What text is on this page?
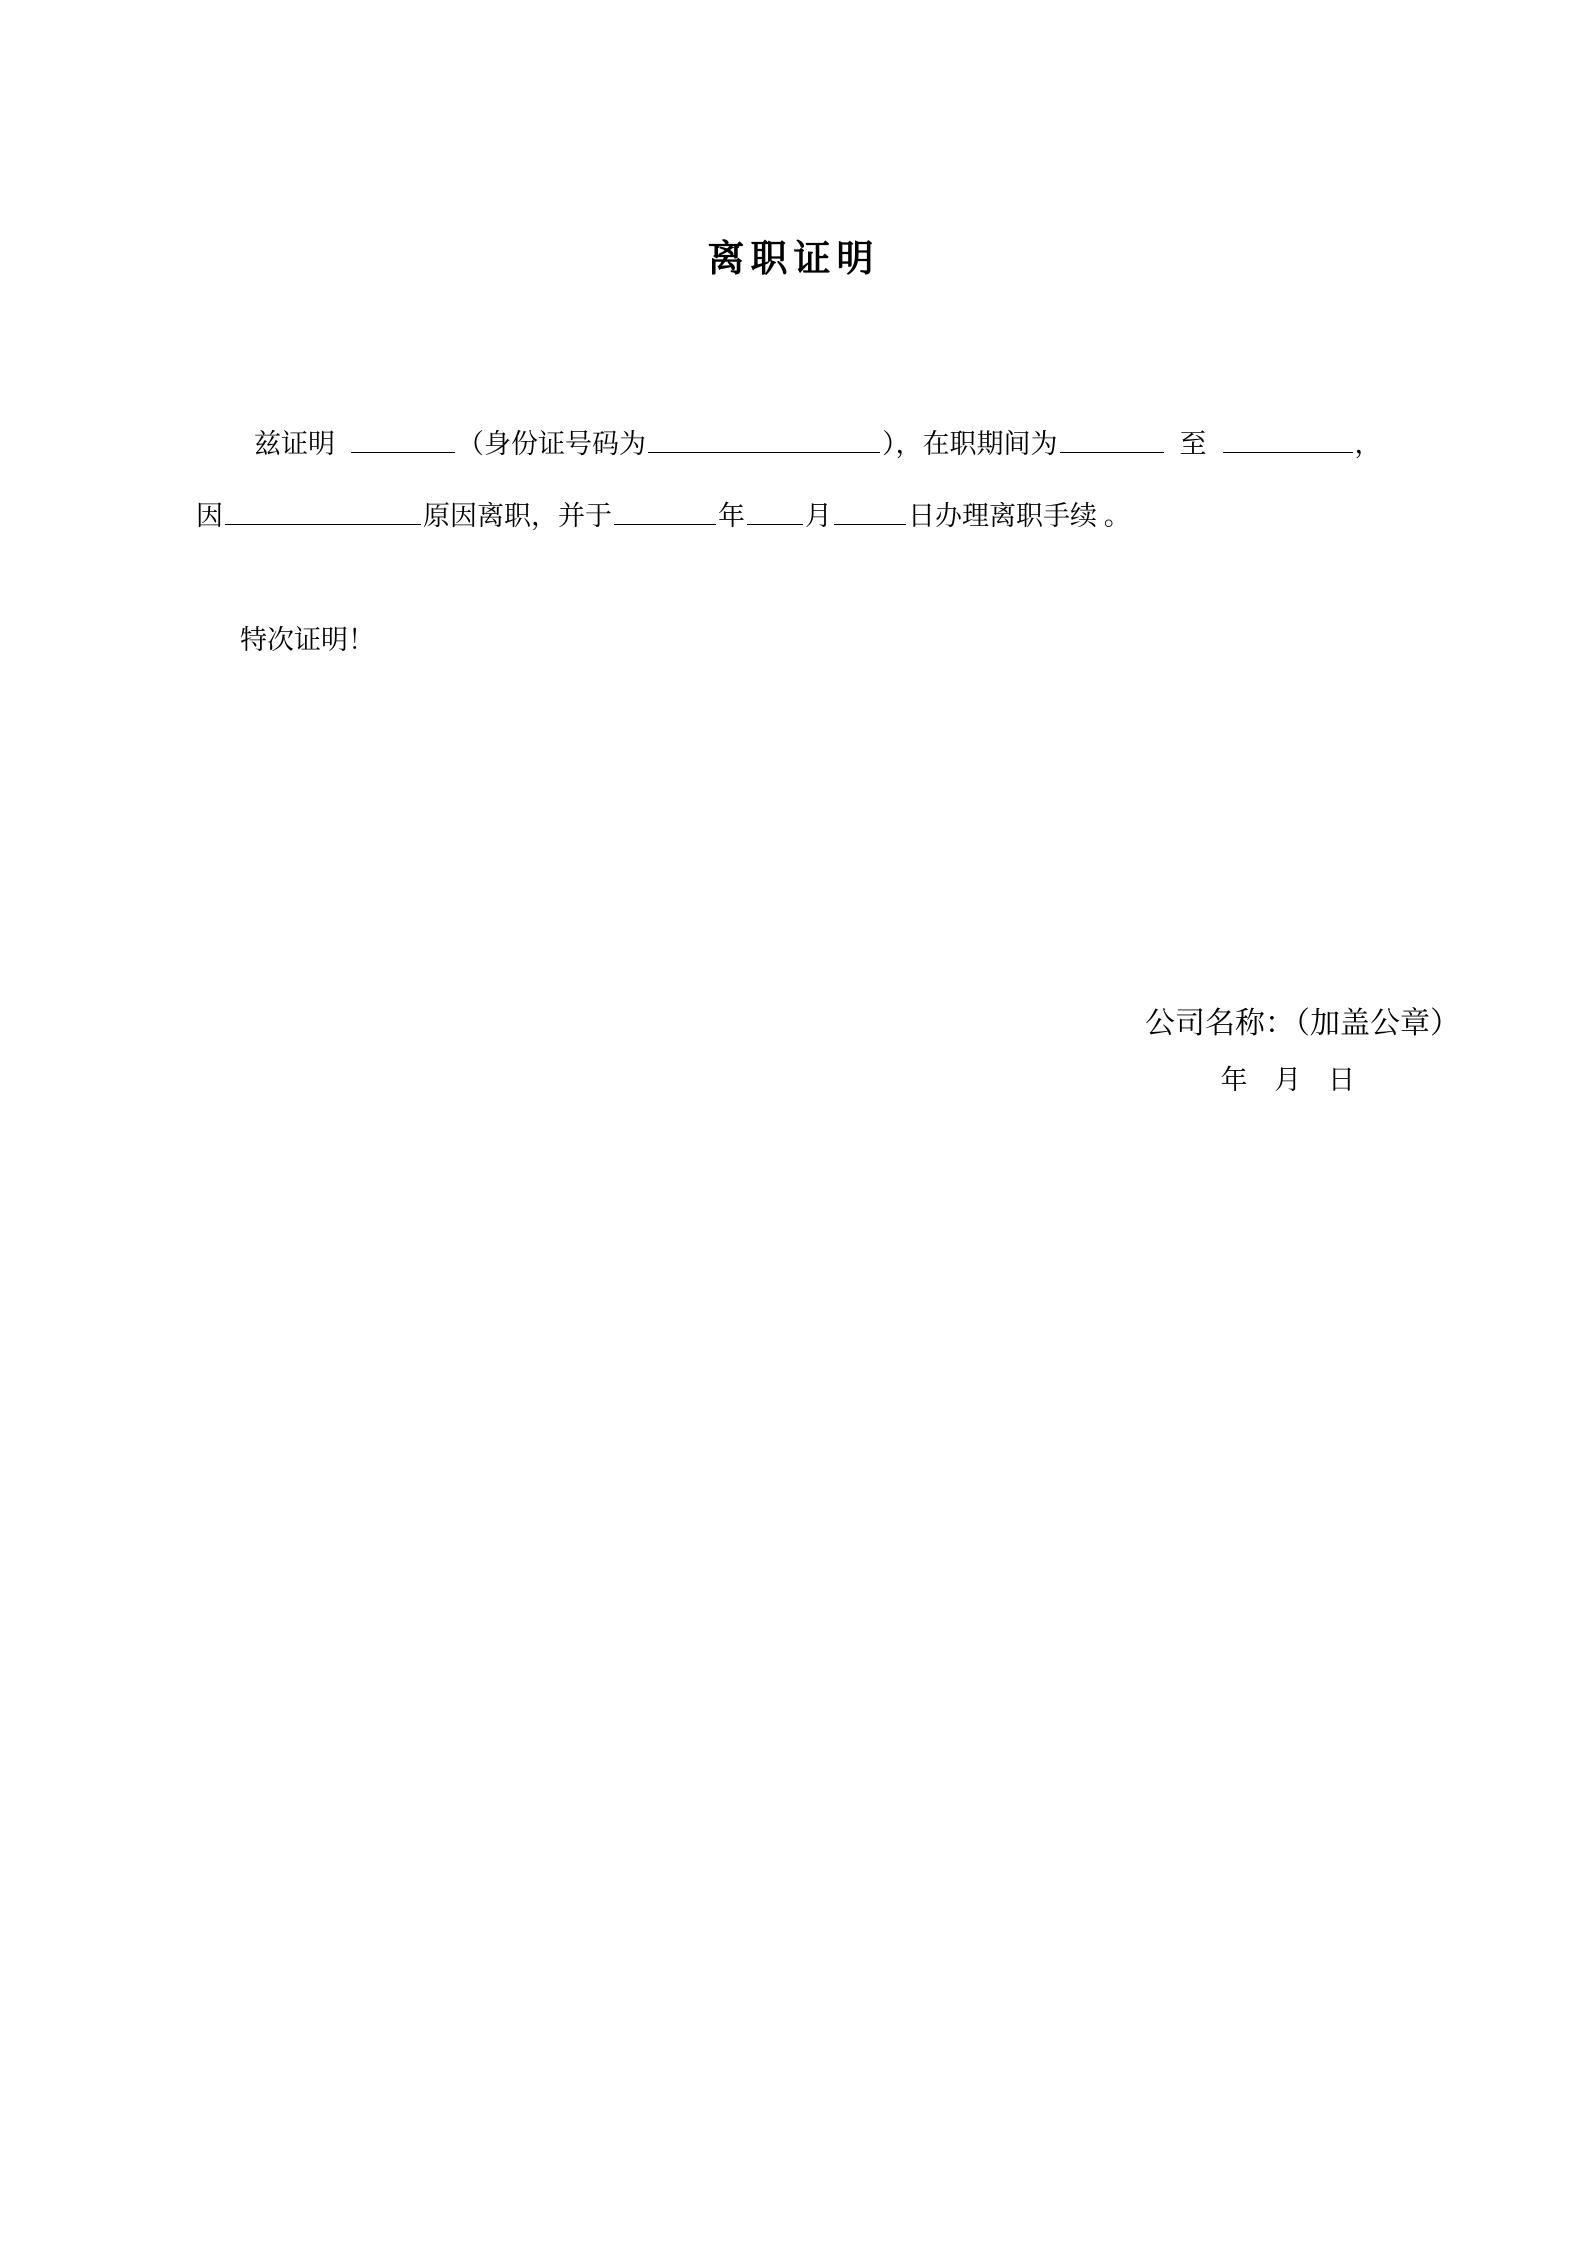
离职证明
兹证明	（身份证号码为	），在职期间为	至	，
因	原因离职，并于	年 月	日办理离职手续 。
特次证明！
公司名称：（加盖公章）
年 月 日
